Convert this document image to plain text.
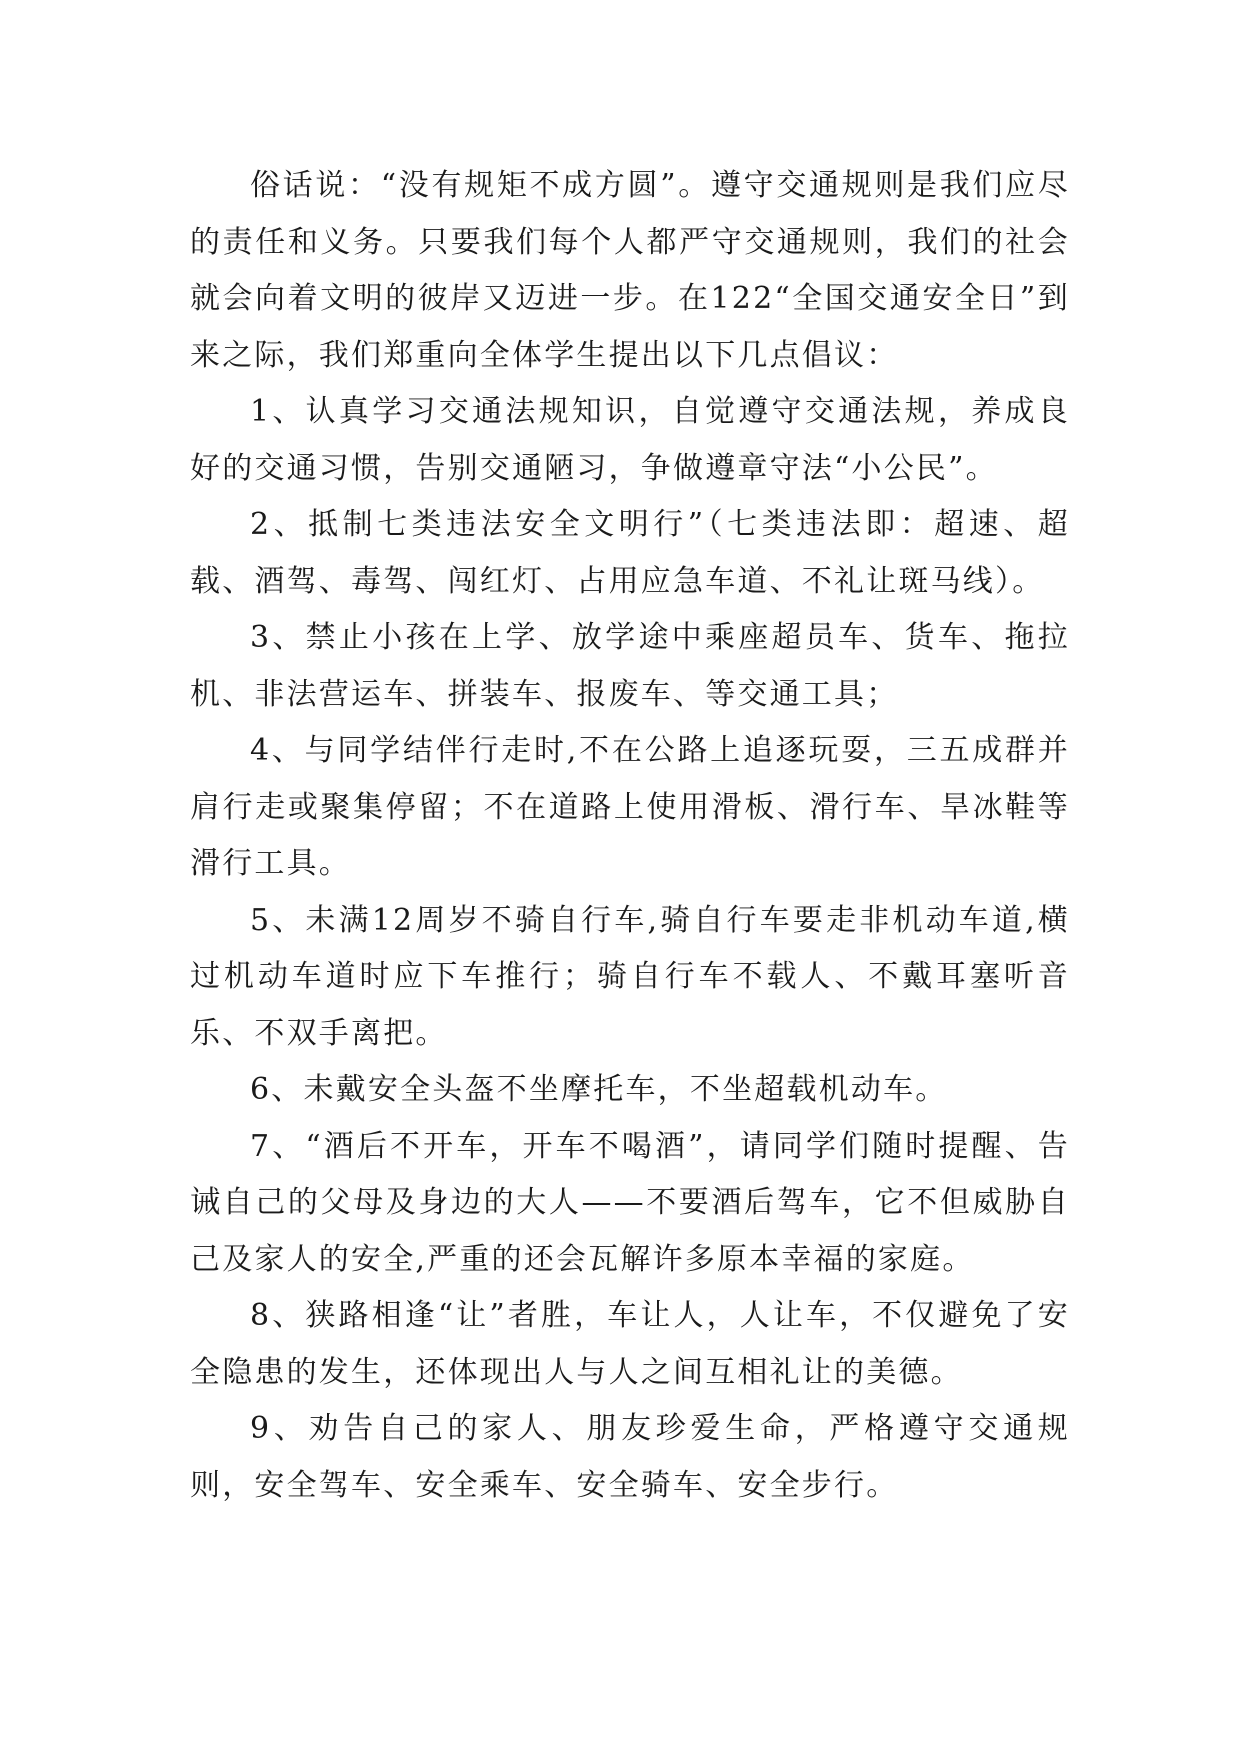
俗话说：“没有规矩不成方圆”。遵守交通规则是我们应尽的责任和义务。只要我们每个人都严守交通规则，我们的社会就会向着文明的彼岸又迈进一步。在122“全国交通安全日”到来之际，我们郑重向全体学生提出以下几点倡议：

1、认真学习交通法规知识，自觉遵守交通法规，养成良好的交通习惯，告别交通陋习，争做遵章守法“小公民”。

2、抵制七类违法安全文明行”（七类违法即：超速、超载、酒驾、毒驾、闯红灯、占用应急车道、不礼让斑马线）。

3、禁止小孩在上学、放学途中乘座超员车、货车、拖拉机、非法营运车、拼装车、报废车、等交通工具；

4、与同学结伴行走时,不在公路上追逐玩耍，三五成群并肩行走或聚集停留；不在道路上使用滑板、滑行车、旱冰鞋等滑行工具。

5、未满12周岁不骑自行车,骑自行车要走非机动车道,横过机动车道时应下车推行；骑自行车不载人、不戴耳塞听音乐、不双手离把。

6、未戴安全头盔不坐摩托车，不坐超载机动车。

7、“酒后不开车，开车不喝酒”，请同学们随时提醒、告诫自己的父母及身边的大人——不要酒后驾车，它不但威胁自己及家人的安全,严重的还会瓦解许多原本幸福的家庭。

8、狭路相逢“让”者胜，车让人，人让车，不仅避免了安全隐患的发生，还体现出人与人之间互相礼让的美德。

9、劝告自己的家人、朋友珍爱生命，严格遵守交通规则，安全驾车、安全乘车、安全骑车、安全步行。
